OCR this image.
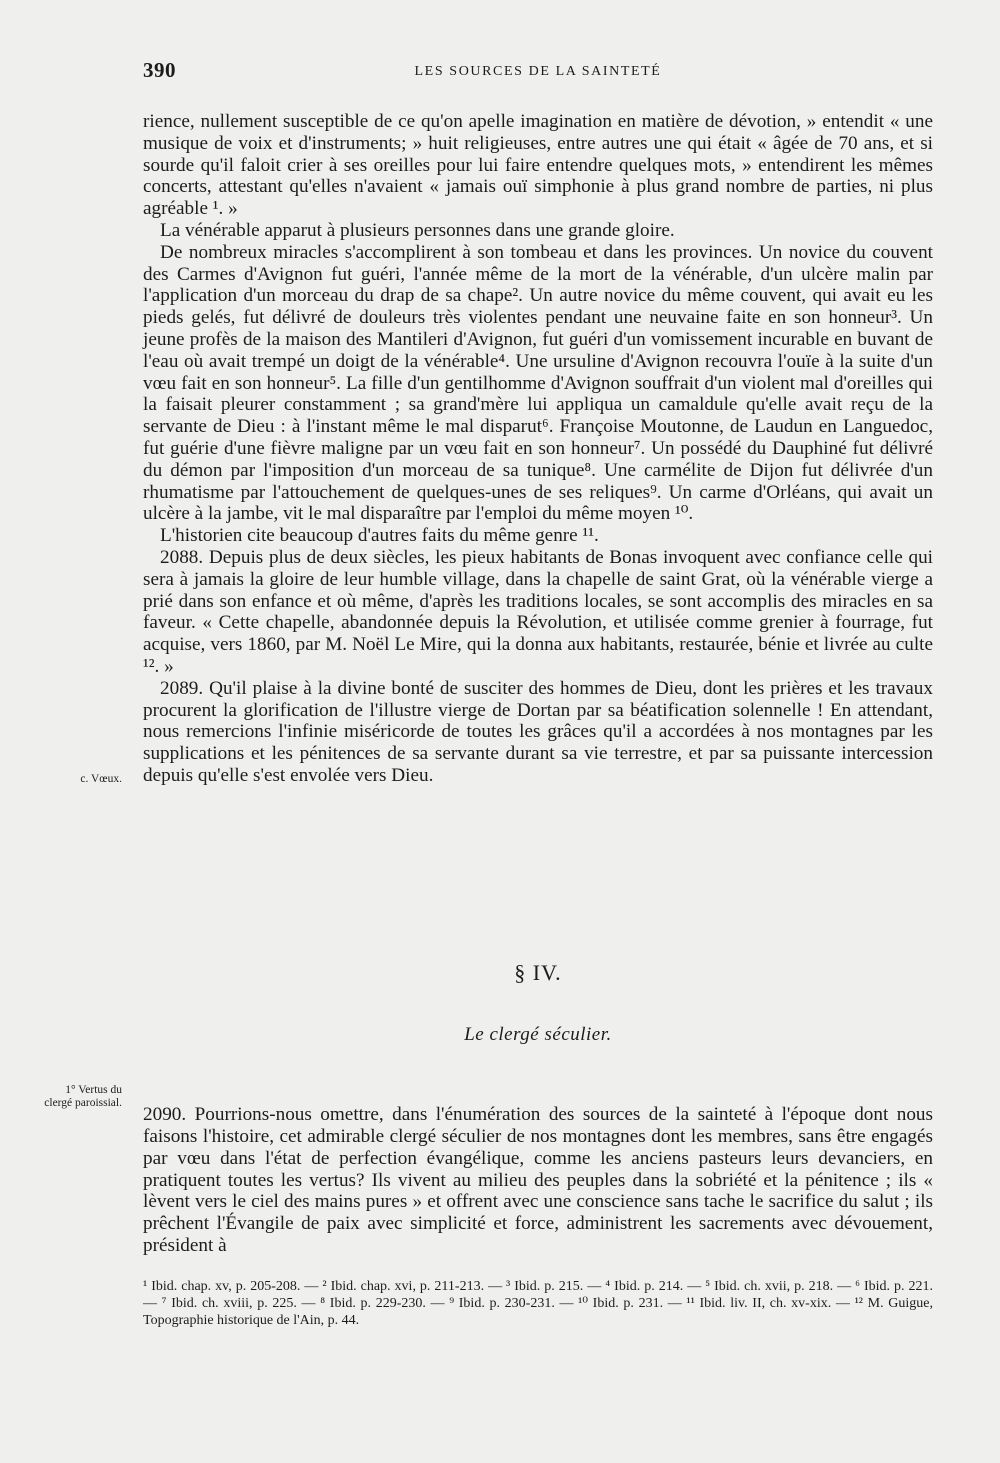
390	LES SOURCES DE LA SAINTETÉ

rience, nullement susceptible de ce qu'on apelle imagination en matière de dévotion, » entendit « une musique de voix et d'instruments; » huit religieuses, entre autres une qui était « âgée de 70 ans, et si sourde qu'il faloit crier à ses oreilles pour lui faire entendre quelques mots, » entendirent les mêmes concerts, attestant qu'elles n'avaient « jamais ouï simphonie à plus grand nombre de parties, ni plus agréable ¹. »

La vénérable apparut à plusieurs personnes dans une grande gloire.

De nombreux miracles s'accomplirent à son tombeau et dans les provinces. Un novice du couvent des Carmes d'Avignon fut guéri, l'année même de la mort de la vénérable, d'un ulcère malin par l'application d'un morceau du drap de sa chape². Un autre novice du même couvent, qui avait eu les pieds gelés, fut délivré de douleurs très violentes pendant une neuvaine faite en son honneur³. Un jeune profès de la maison des Mantileri d'Avignon, fut guéri d'un vomissement incurable en buvant de l'eau où avait trempé un doigt de la vénérable⁴. Une ursuline d'Avignon recouvra l'ouïe à la suite d'un vœu fait en son honneur⁵. La fille d'un gentilhomme d'Avignon souffrait d'un violent mal d'oreilles qui la faisait pleurer constamment ; sa grand'mère lui appliqua un camaldule qu'elle avait reçu de la servante de Dieu : à l'instant même le mal disparut⁶. Françoise Moutonne, de Laudun en Languedoc, fut guérie d'une fièvre maligne par un vœu fait en son honneur⁷. Un possédé du Dauphiné fut délivré du démon par l'imposition d'un morceau de sa tunique⁸. Une carmélite de Dijon fut délivrée d'un rhumatisme par l'attouchement de quelques-unes de ses reliques⁹. Un carme d'Orléans, qui avait un ulcère à la jambe, vit le mal disparaître par l'emploi du même moyen ¹⁰.

L'historien cite beaucoup d'autres faits du même genre ¹¹.

2088. Depuis plus de deux siècles, les pieux habitants de Bonas invoquent avec confiance celle qui sera à jamais la gloire de leur humble village, dans la chapelle de saint Grat, où la vénérable vierge a prié dans son enfance et où même, d'après les traditions locales, se sont accomplis des miracles en sa faveur. « Cette chapelle, abandonnée depuis la Révolution, et utilisée comme grenier à fourrage, fut acquise, vers 1860, par M. Noël Le Mire, qui la donna aux habitants, restaurée, bénie et livrée au culte ¹². »

2089. Qu'il plaise à la divine bonté de susciter des hommes de Dieu, dont les prières et les travaux procurent la glorification de l'illustre vierge de Dortan par sa béatification solennelle ! En attendant, nous remercions l'infinie miséricorde de toutes les grâces qu'il a accordées à nos montagnes par les supplications et les pénitences de sa servante durant sa vie terrestre, et par sa puissante intercession depuis qu'elle s'est envolée vers Dieu.

c. Vœux.
§ IV.
Le clergé séculier.
1° Vertus du clergé paroissial.

2090. Pourrions-nous omettre, dans l'énumération des sources de la sainteté à l'époque dont nous faisons l'histoire, cet admirable clergé séculier de nos montagnes dont les membres, sans être engagés par vœu dans l'état de perfection évangélique, comme les anciens pasteurs leurs devanciers, en pratiquent toutes les vertus? Ils vivent au milieu des peuples dans la sobriété et la pénitence ; ils « lèvent vers le ciel des mains pures » et offrent avec une conscience sans tache le sacrifice du salut ; ils prêchent l'Évangile de paix avec simplicité et force, administrent les sacrements avec dévouement, président à

¹ Ibid. chap. xv, p. 205-208. — ² Ibid. chap. xvi, p. 211-213. — ³ Ibid. p. 215. — ⁴ Ibid. p. 214. — ⁵ Ibid. ch. xvii, p. 218. — ⁶ Ibid. p. 221. — ⁷ Ibid. ch. xviii, p. 225. — ⁸ Ibid. p. 229-230. — ⁹ Ibid. p. 230-231. — ¹⁰ Ibid. p. 231. — ¹¹ Ibid. liv. II, ch. xv-xix. — ¹² M. Guigue, Topographie historique de l'Ain, p. 44.
